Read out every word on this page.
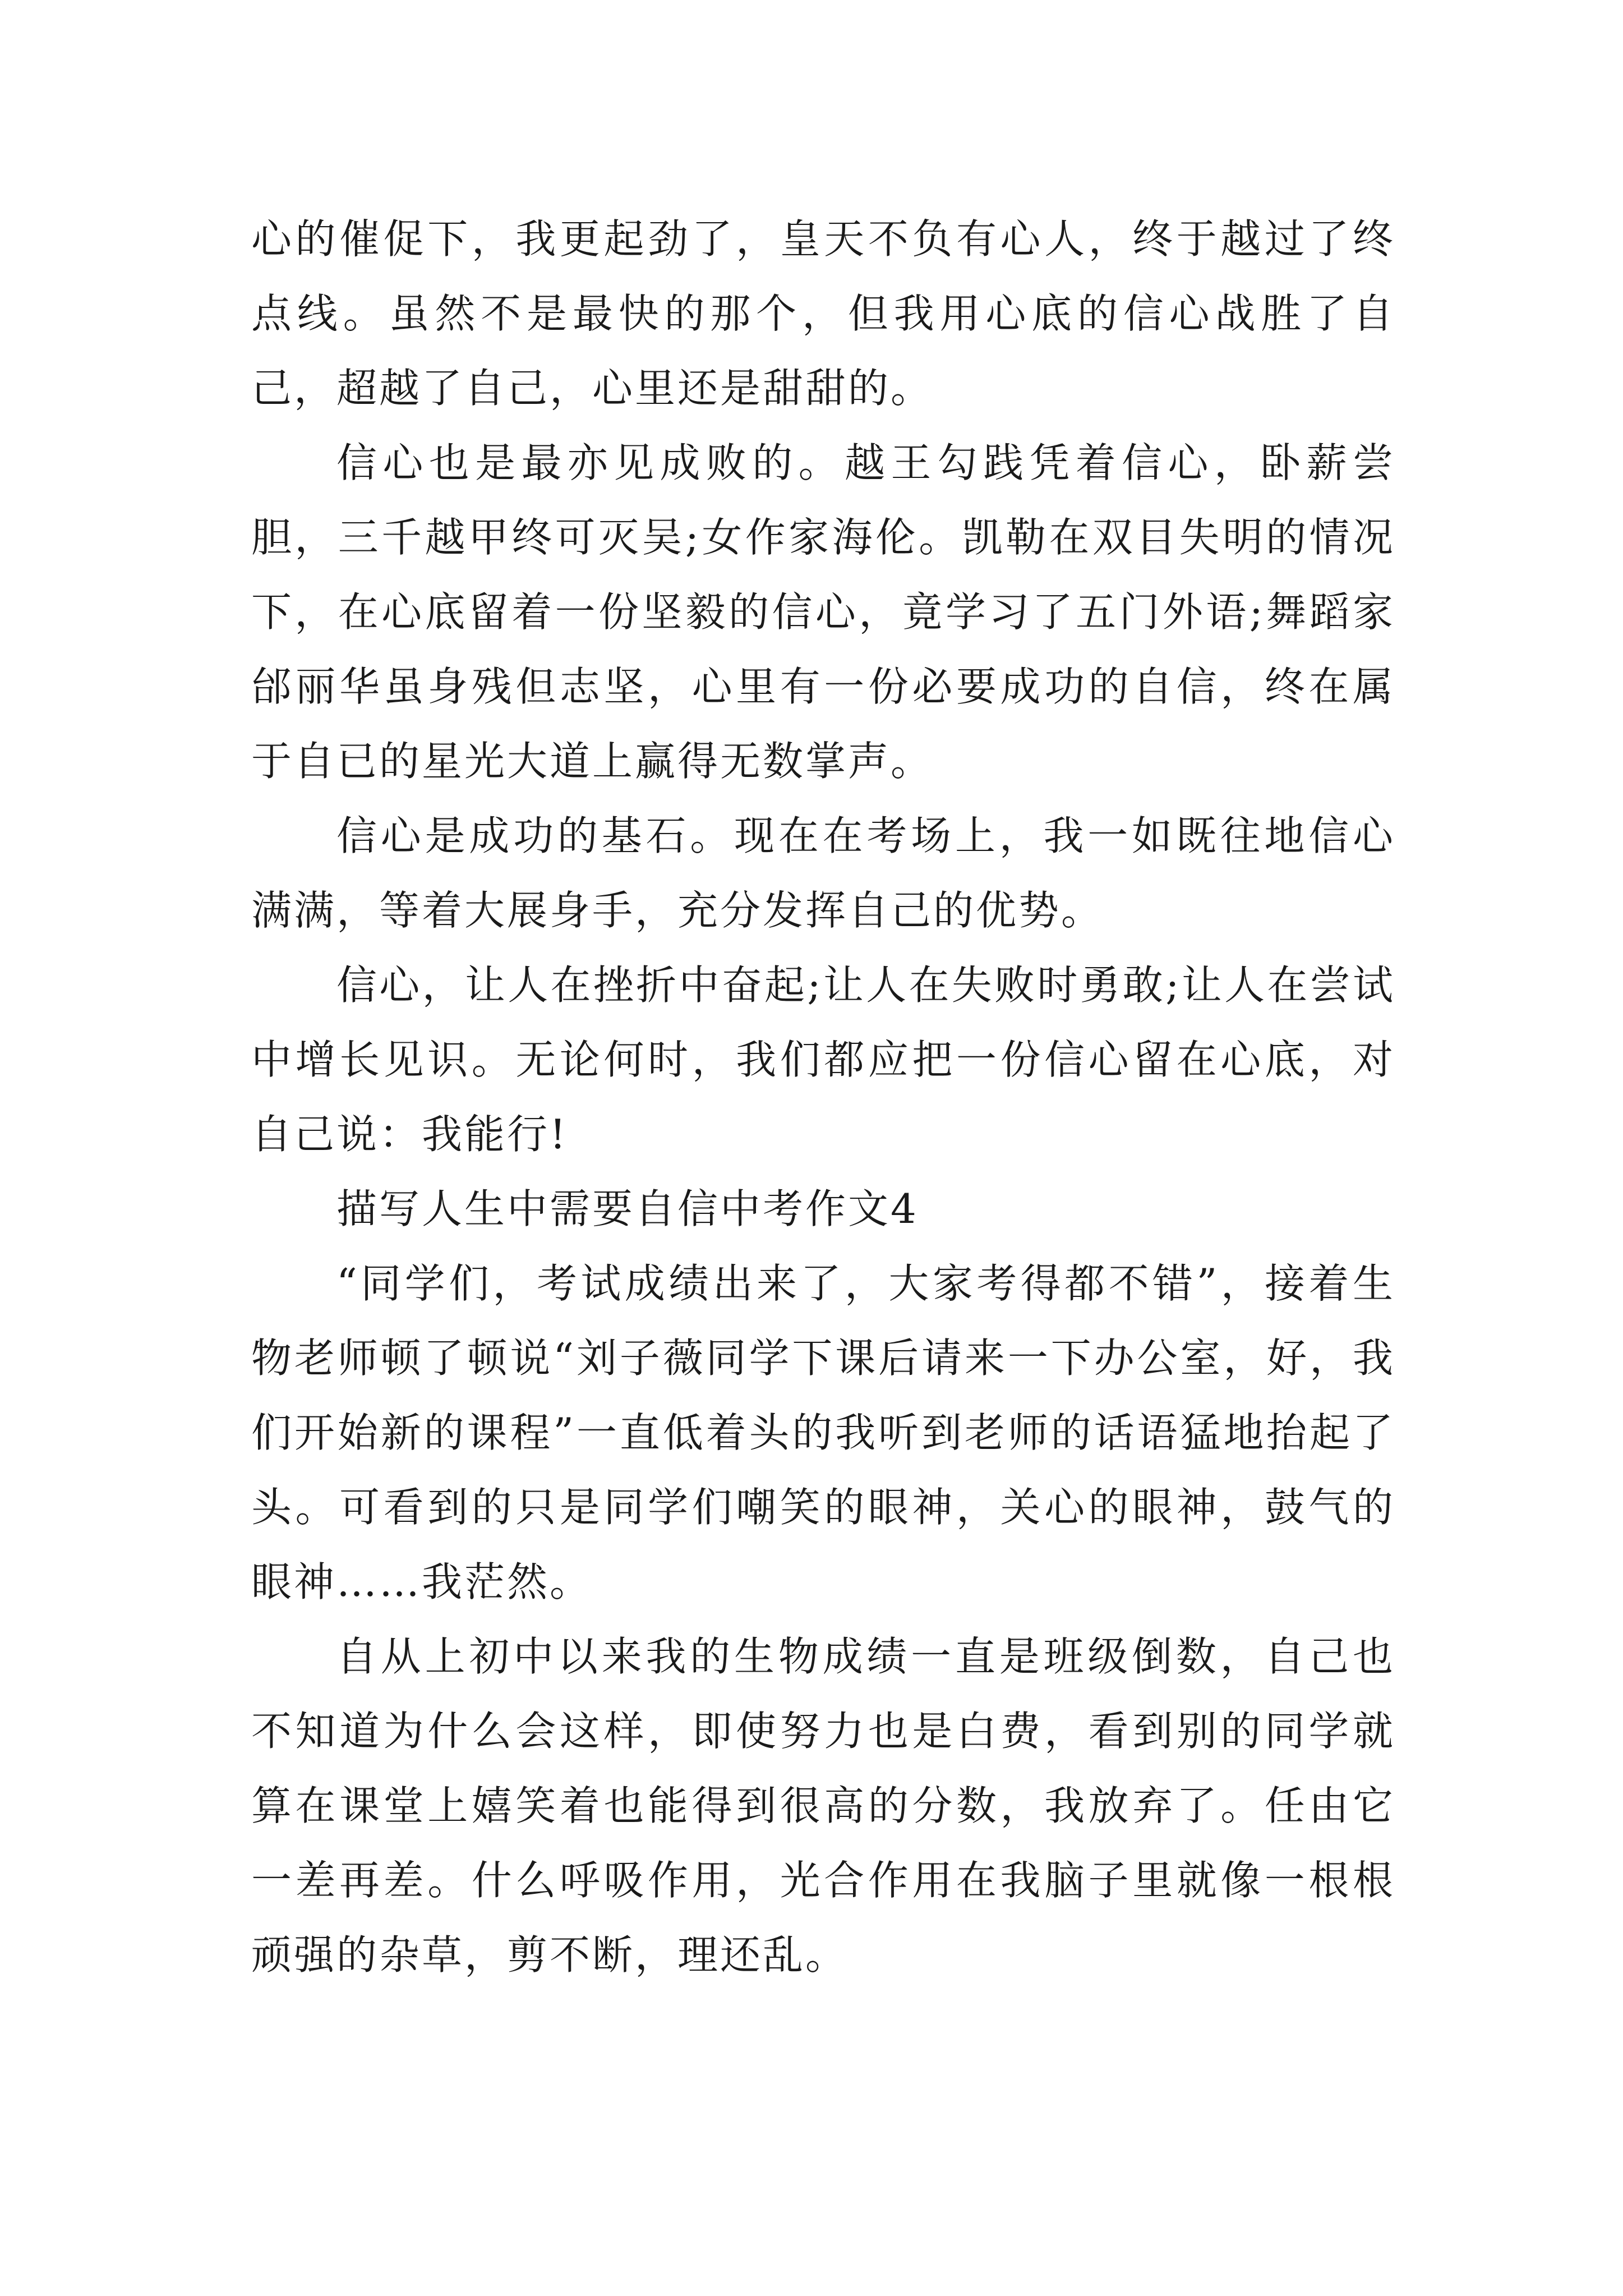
心的催促下，我更起劲了，皇天不负有心人，终于越过了终点线。虽然不是最快的那个，但我用心底的信心战胜了自己，超越了自己，心里还是甜甜的。

信心也是最亦见成败的。越王勾践凭着信心，卧薪尝胆，三千越甲终可灭吴;女作家海伦。凯勒在双目失明的情况下，在心底留着一份坚毅的信心，竟学习了五门外语;舞蹈家邰丽华虽身残但志坚，心里有一份必要成功的自信，终在属于自已的星光大道上赢得无数掌声。

信心是成功的基石。现在在考场上，我一如既往地信心满满，等着大展身手，充分发挥自己的优势。

信心，让人在挫折中奋起;让人在失败时勇敢;让人在尝试中增长见识。无论何时，我们都应把一份信心留在心底，对自己说：我能行!

描写人生中需要自信中考作文4

“同学们，考试成绩出来了，大家考得都不错”，接着生物老师顿了顿说“刘子薇同学下课后请来一下办公室，好，我们开始新的课程”一直低着头的我听到老师的话语猛地抬起了头。可看到的只是同学们嘲笑的眼神，关心的眼神，鼓气的眼神……我茫然。

自从上初中以来我的生物成绩一直是班级倒数，自己也不知道为什么会这样，即使努力也是白费，看到别的同学就算在课堂上嬉笑着也能得到很高的分数，我放弃了。任由它一差再差。什么呼吸作用，光合作用在我脑子里就像一根根顽强的杂草，剪不断，理还乱。
